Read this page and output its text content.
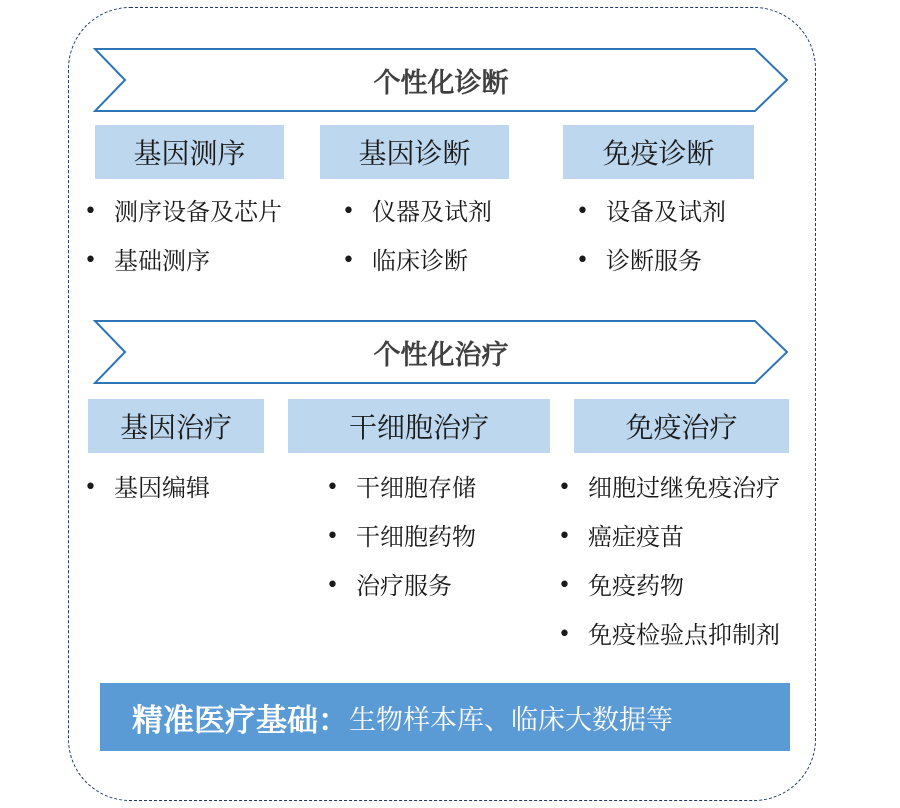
个性化诊断
基因测序	基因诊断	免疫诊断
• 测序设备及芯片
• 基础测序
• 仪器及试剂
• 临床诊断
• 设备及试剂
• 诊断服务
个性化治疗
基因治疗	干细胞治疗	免疫治疗
• 基因编辑
•	干细胞存储
• 干细胞药物
• 治疗服务
• 细胞过继免疫治疗
• 癌症疫苗
• 免疫药物
• 免疫检验点抑制剂
精准医疗基础： 生物样本库、临床大数据等
